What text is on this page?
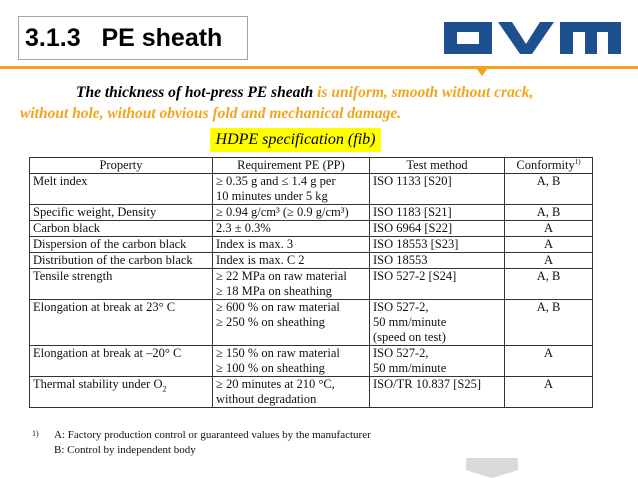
3.1.3   PE sheath
The thickness of hot-press PE sheath is uniform, smooth without crack,
without hole, without obvious fold and mechanical damage.
HDPE specification (fib)
Property	Requirement PE (PP)	Test method	Conformity$^{1)}$
Melt index	≥ 0.35 g and ≤ 1.4 g per
10 minutes under 5 kg	ISO 1133 [S20]	A, B
Specific weight, Density	≥ 0.94 g/cm³ (≥ 0.9 g/cm³)	ISO 1183 [S21]	A, B
Carbon black	2.3 ± 0.3%	ISO 6964 [S22]	A
Dispersion of the carbon black	Index is max. 3	ISO 18553 [S23]	A
Distribution of the carbon black	Index is max. C 2	ISO 18553	A
Tensile strength	≥ 22 MPa on raw material
≥ 18 MPa on sheathing	ISO 527-2 [S24]	A, B
Elongation at break at 23° C	≥ 600 % on raw material
≥ 250 % on sheathing	ISO 527-2,
50 mm/minute
(speed on test)	A, B
Elongation at break at –20° C	≥ 150 % on raw material
≥ 100 % on sheathing	ISO 527-2,
50 mm/minute	A
Thermal stability under $O_2$	≥ 20 minutes at 210 °C,
without degradation	ISO/TR 10.837 [S25]	A
1)	A: Factory production control or guaranteed values by the manufacturer
B: Control by independent body
